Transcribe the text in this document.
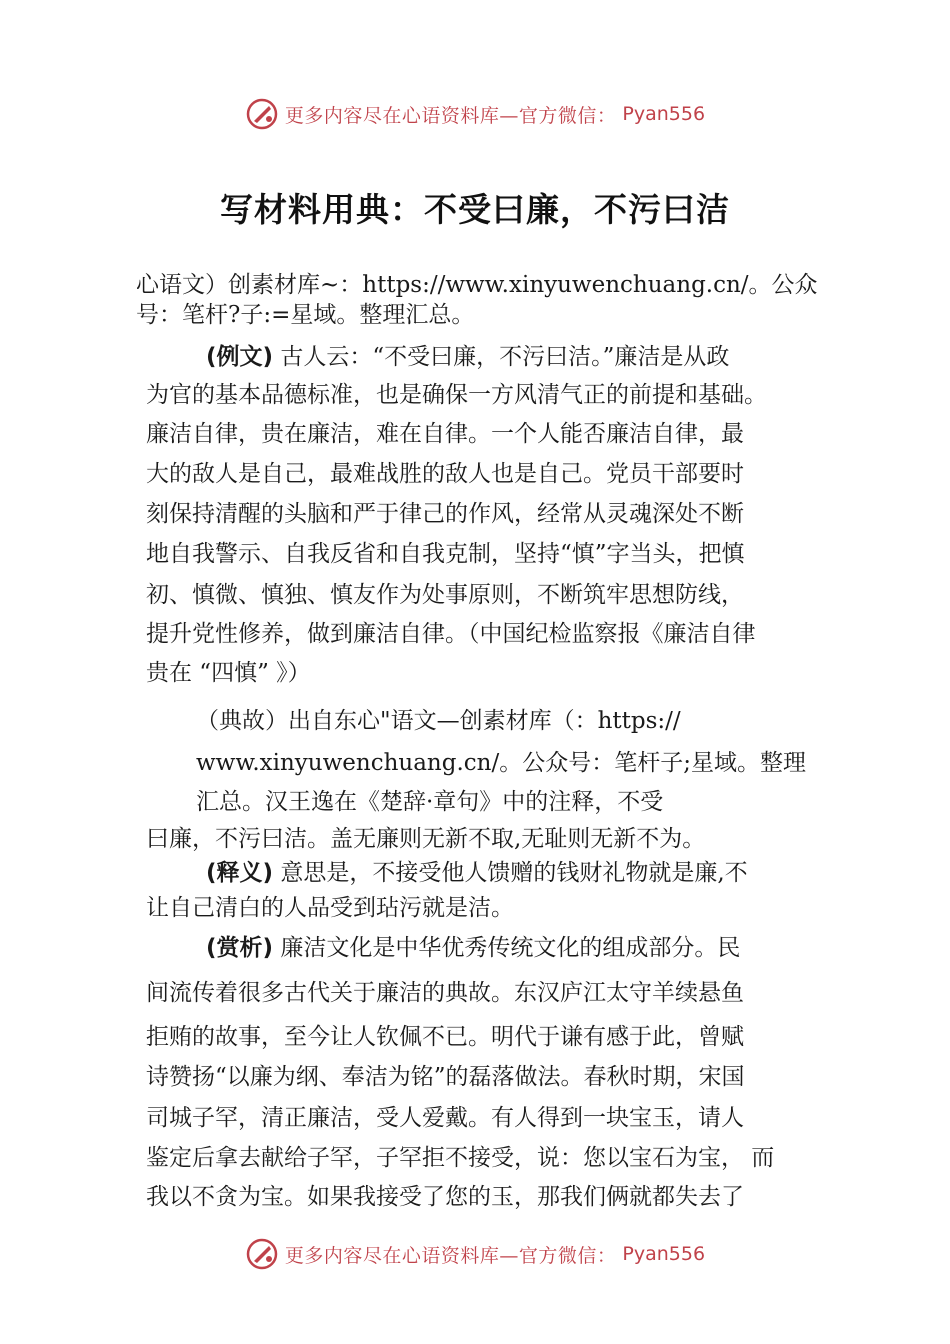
更多内容尽在心语资料库—官方微信： Pyan556
写材料用典：不受曰廉，不污曰洁
心语文）创素材库~：https://www.xinyuwenchuang.cn/。公众
号：笔杆?子:=星域。整理汇总。
(例文) 古人云：“不受曰廉，不污曰洁。”廉洁是从政
为官的基本品德标准，也是确保一方风清气正的前提和基础。
廉洁自律，贵在廉洁，难在自律。一个人能否廉洁自律，最
大的敌人是自己，最难战胜的敌人也是自己。党员干部要时
刻保持清醒的头脑和严于律己的作风，经常从灵魂深处不断
地自我警示、自我反省和自我克制，坚持“慎”字当头，把慎
初、慎微、慎独、慎友作为处事原则，不断筑牢思想防线，
提升党性修养，做到廉洁自律。（中国纪检监察报《廉洁自律
贵在 “四慎” 》）
（典故）出自东心"语文—创素材库（：https://
www.xinyuwenchuang.cn/。公众号：笔杆子;星域。整理
汇总。汉王逸在《楚辞·章句》中的注释，不受
曰廉，不污曰洁。盖无廉则无新不取,无耻则无新不为。
(释义) 意思是，不接受他人馈赠的钱财礼物就是廉,不
让自己清白的人品受到玷污就是洁。
(赏析) 廉洁文化是中华优秀传统文化的组成部分。民
间流传着很多古代关于廉洁的典故。东汉庐江太守羊续悬鱼
拒贿的故事，至今让人钦佩不已。明代于谦有感于此，曾赋
诗赞扬“以廉为纲、奉洁为铭”的磊落做法。春秋时期，宋国
司城子罕，清正廉洁，受人爱戴。有人得到一块宝玉，请人
鉴定后拿去献给子罕，子罕拒不接受，说：您以宝石为宝， 而
我以不贪为宝。如果我接受了您的玉，那我们俩就都失去了
更多内容尽在心语资料库—官方微信： Pyan556
